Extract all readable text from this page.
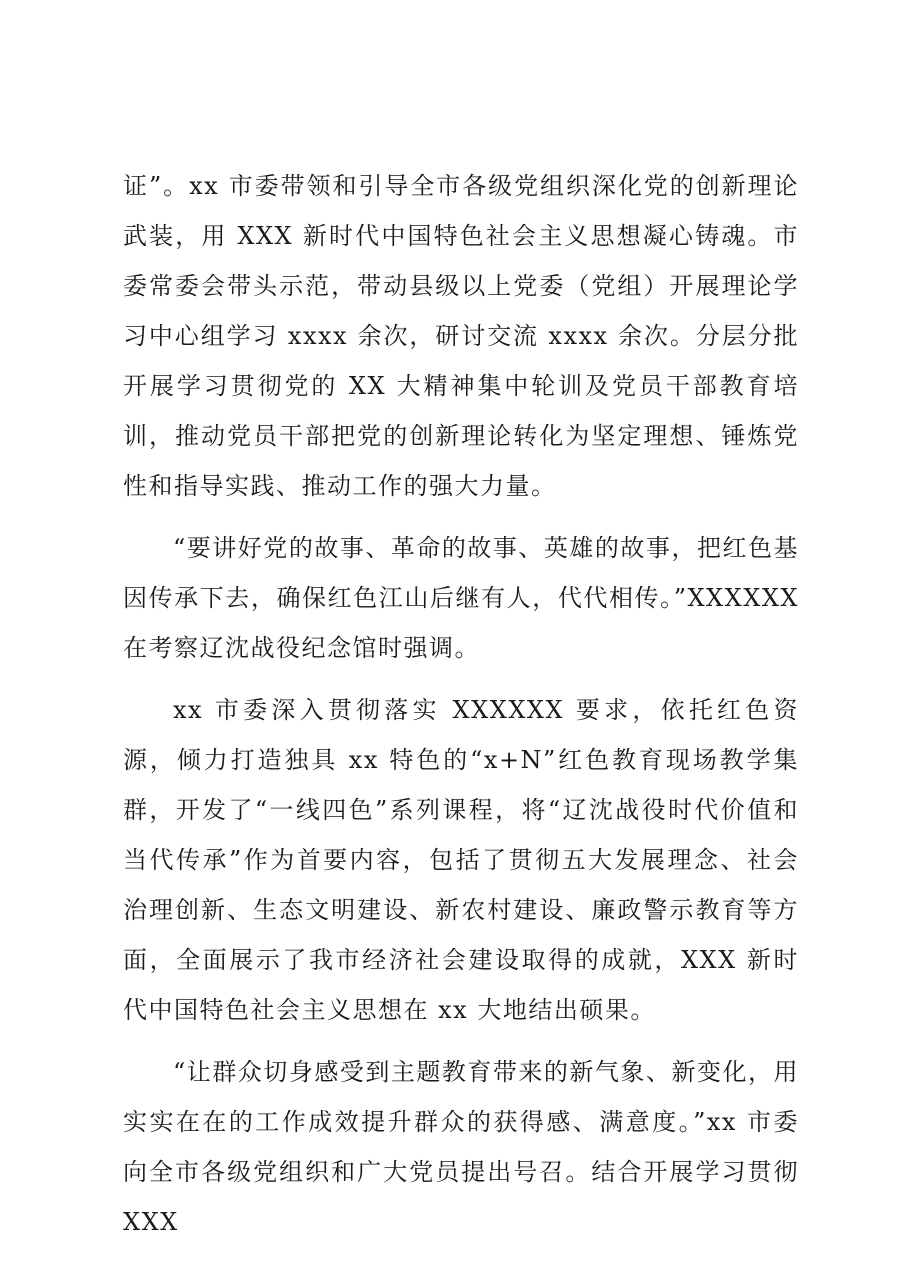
证”。xx 市委带领和引导全市各级党组织深化党的创新理论武装，用 XXX 新时代中国特色社会主义思想凝心铸魂。市委常委会带头示范，带动县级以上党委（党组）开展理论学习中心组学习 xxxx 余次，研讨交流 xxxx 余次。分层分批开展学习贯彻党的 XX 大精神集中轮训及党员干部教育培训，推动党员干部把党的创新理论转化为坚定理想、锤炼党性和指导实践、推动工作的强大力量。

“要讲好党的故事、革命的故事、英雄的故事，把红色基因传承下去，确保红色江山后继有人，代代相传。”XXXXXX 在考察辽沈战役纪念馆时强调。

xx 市委深入贯彻落实 XXXXXX 要求，依托红色资源，倾力打造独具 xx 特色的“x+N”红色教育现场教学集群，开发了“一线四色”系列课程，将“辽沈战役时代价值和当代传承”作为首要内容，包括了贯彻五大发展理念、社会治理创新、生态文明建设、新农村建设、廉政警示教育等方面，全面展示了我市经济社会建设取得的成就，XXX 新时代中国特色社会主义思想在 xx 大地结出硕果。

“让群众切身感受到主题教育带来的新气象、新变化，用实实在在的工作成效提升群众的获得感、满意度。”xx 市委向全市各级党组织和广大党员提出号召。结合开展学习贯彻 XXX
